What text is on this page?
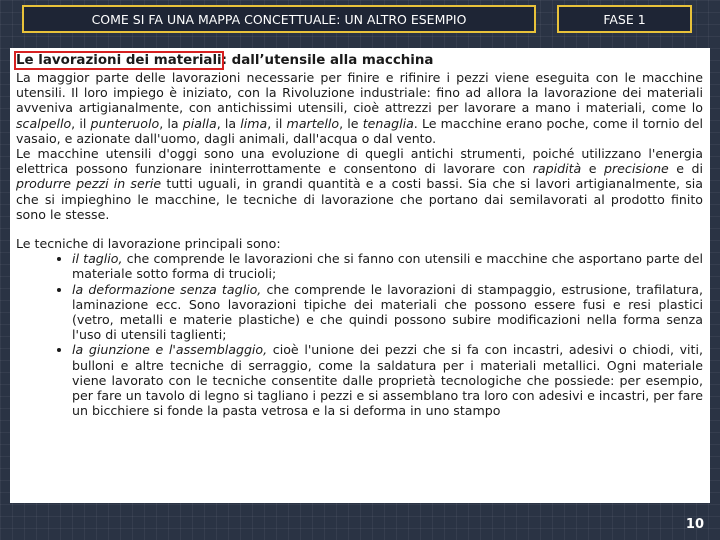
COME SI FA UNA MAPPA CONCETTUALE: UN ALTRO ESEMPIO	FASE 1
Le lavorazioni dei materiali: dall’utensile alla macchina

La maggior parte delle lavorazioni necessarie per finire e rifinire i pezzi viene eseguita con le macchine utensili. Il loro impiego è iniziato, con la Rivoluzione industriale: fino ad allora la lavorazione dei materiali avveniva artigianalmente, con antichissimi utensili, cioè attrezzi per lavorare a mano i materiali, come lo scalpello, il punteruolo, la pialla, la lima, il martello, le tenaglia. Le macchine erano poche, come il tornio del vasaio, e azionate dall'uomo, dagli animali, dall'acqua o dal vento.

Le macchine utensili d'oggi sono una evoluzione di quegli antichi strumenti, poiché utilizzano l'energia elettrica possono funzionare ininterrottamente e consentono di lavorare con rapidità e precisione e di produrre pezzi in serie tutti uguali, in grandi quantità e a costi bassi. Sia che si lavori artigianalmente, sia che si impieghino le macchine, le tecniche di lavorazione che portano dai semilavorati al prodotto finito sono le stesse.

Le tecniche di lavorazione principali sono:

• il taglio, che comprende le lavorazioni che si fanno con utensili e macchine che asportano parte del materiale sotto forma di trucioli;
• la deformazione senza taglio, che comprende le lavorazioni di stampaggio, estrusione, trafilatura, laminazione ecc. Sono lavorazioni tipiche dei materiali che possono essere fusi e resi plastici (vetro, metalli e materie plastiche) e che quindi possono subire modificazioni nella forma senza l'uso di utensili taglienti;
• la giunzione e l'assemblaggio, cioè l'unione dei pezzi che si fa con incastri, adesivi o chiodi, viti, bulloni e altre tecniche di serraggio, come la saldatura per i materiali metallici. Ogni materiale viene lavorato con le tecniche consentite dalle proprietà tecnologiche che possiede: per esempio, per fare un tavolo di legno si tagliano i pezzi e si assemblano tra loro con adesivi e incastri, per fare un bicchiere si fonde la pasta vetrosa e la si deforma in uno stampo
10
